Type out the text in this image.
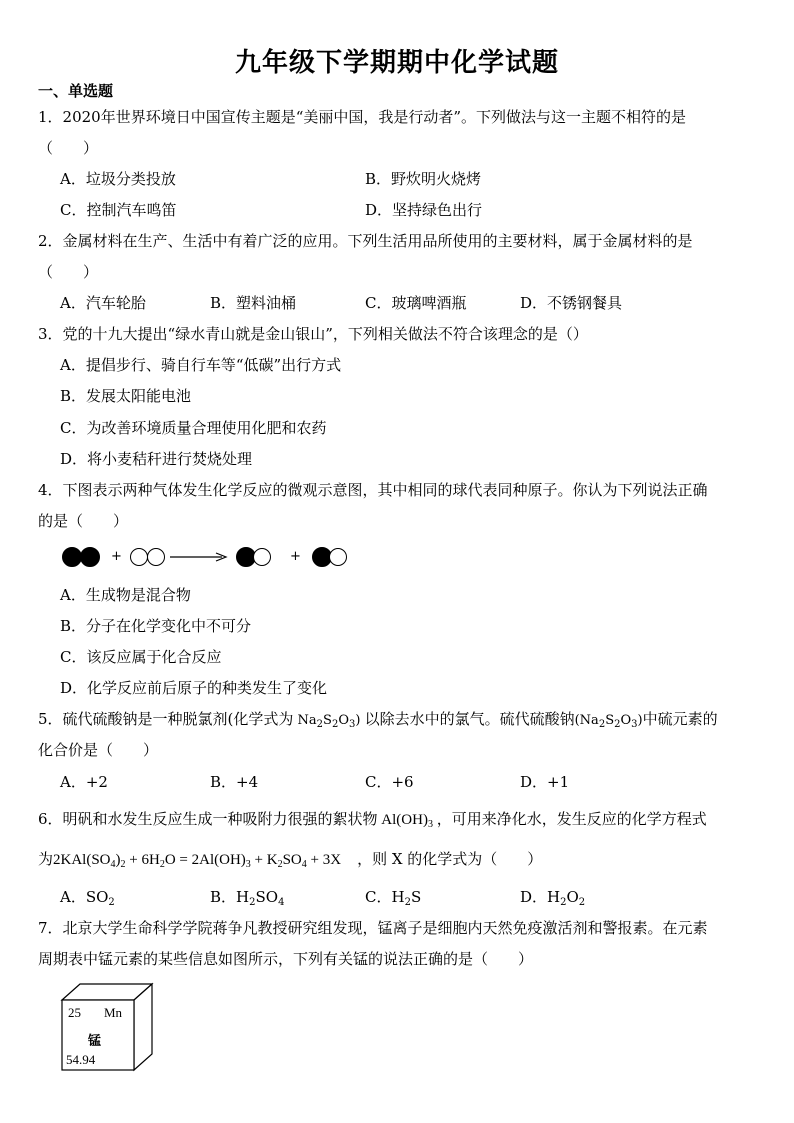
九年级下学期期中化学试题
一、单选题
1．2020年世界环境日中国宣传主题是“美丽中国，我是行动者”。下列做法与这一主题不相符的是
（　　）
A．垃圾分类投放	B．野炊明火烧烤
C．控制汽车鸣笛	D．坚持绿色出行
2．金属材料在生产、生活中有着广泛的应用。下列生活用品所使用的主要材料，属于金属材料的是
（　　）
A．汽车轮胎	B．塑料油桶	C．玻璃啤酒瓶	D．不锈钢餐具
3．党的十九大提出“绿水青山就是金山银山”，下列相关做法不符合该理念的是（）
A．提倡步行、骑自行车等“低碳”出行方式
B．发展太阳能电池
C．为改善环境质量合理使用化肥和农药
D．将小麦秸秆进行焚烧处理
4．下图表示两种气体发生化学反应的微观示意图，其中相同的球代表同种原子。你认为下列说法正确
的是（　　）
+	+
A．生成物是混合物
B．分子在化学变化中不可分
C．该反应属于化合反应
D．化学反应前后原子的种类发生了变化
5．硫代硫酸钠是一种脱氯剂(化学式为 $Na_2S_2O_3$) 以除去水中的氯气。硫代硫酸钠$(Na_2S_2O_3)$中硫元素的
化合价是（　　）
A．+2	B．+4	C．+6	D．+1
6．明矾和水发生反应生成一种吸附力很强的絮状物 $Al(OH)_3$ ，可用来净化水，发生反应的化学方程式
为$2KAl(SO_4)_2 + 6H_2O = 2Al(OH)_3 + K_2SO_4 + 3X$ ，则 X 的化学式为（　　）
A．$SO_2$	B．$H_2SO_4$	C．$H_2S$	D．$H_2O_2$
7．北京大学生命科学学院蒋争凡教授研究组发现，锰离子是细胞内天然免疫激活剂和警报素。在元素
周期表中锰元素的某些信息如图所示，下列有关锰的说法正确的是（　　）
25 Mn
锰
54.94
